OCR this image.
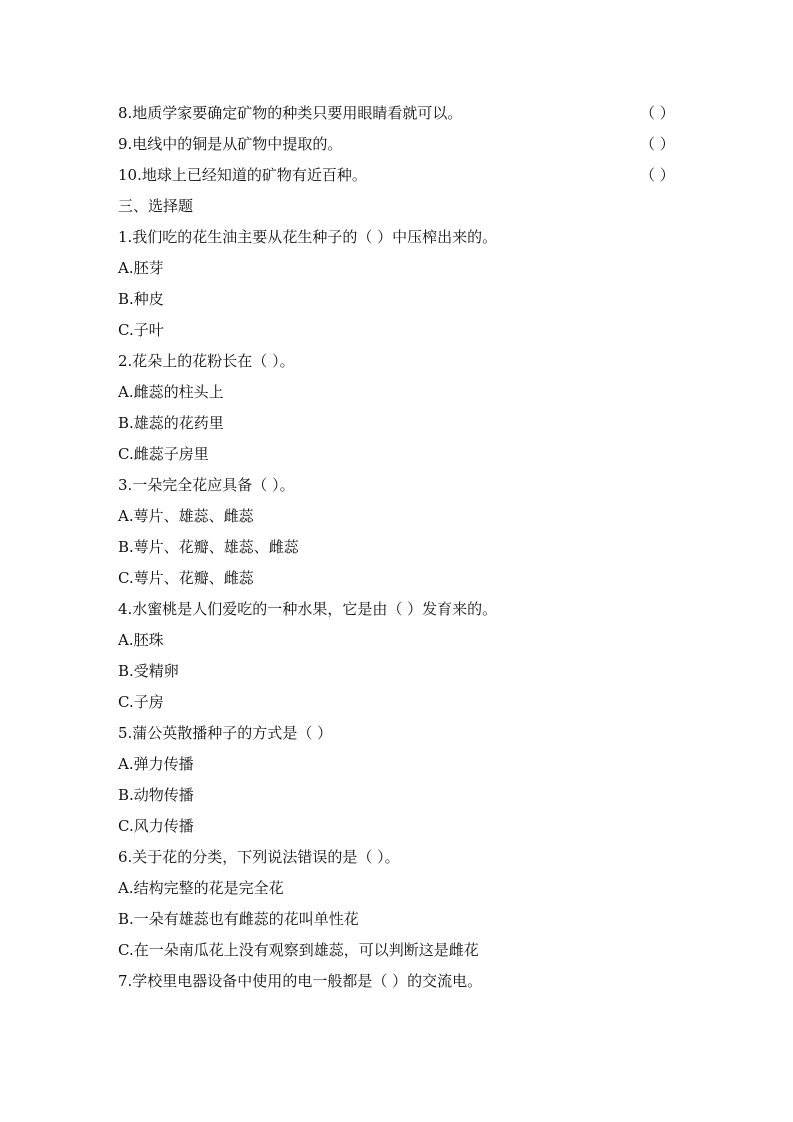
8.地质学家要确定矿物的种类只要用眼睛看就可以。	（ ）
9.电线中的铜是从矿物中提取的。	（ ）
10.地球上已经知道的矿物有近百种。	（ ）
三、选择题
1.我们吃的花生油主要从花生种子的（ ）中压榨出来的。
A.胚芽
B.种皮
C.子叶
2.花朵上的花粉长在（ ）。
A.雌蕊的柱头上
B.雄蕊的花药里
C.雌蕊子房里
3.一朵完全花应具备（ ）。
A.萼片、雄蕊、雌蕊
B.萼片、花瓣、雄蕊、雌蕊
C.萼片、花瓣、雌蕊
4.水蜜桃是人们爱吃的一种水果，它是由（ ）发育来的。
A.胚珠
B.受精卵
C.子房
5.蒲公英散播种子的方式是（ ）
A.弹力传播
B.动物传播
C.风力传播
6.关于花的分类，下列说法错误的是（ ）。
A.结构完整的花是完全花
B.一朵有雄蕊也有雌蕊的花叫单性花
C.在一朵南瓜花上没有观察到雄蕊，可以判断这是雌花
7.学校里电器设备中使用的电一般都是（ ）的交流电。
